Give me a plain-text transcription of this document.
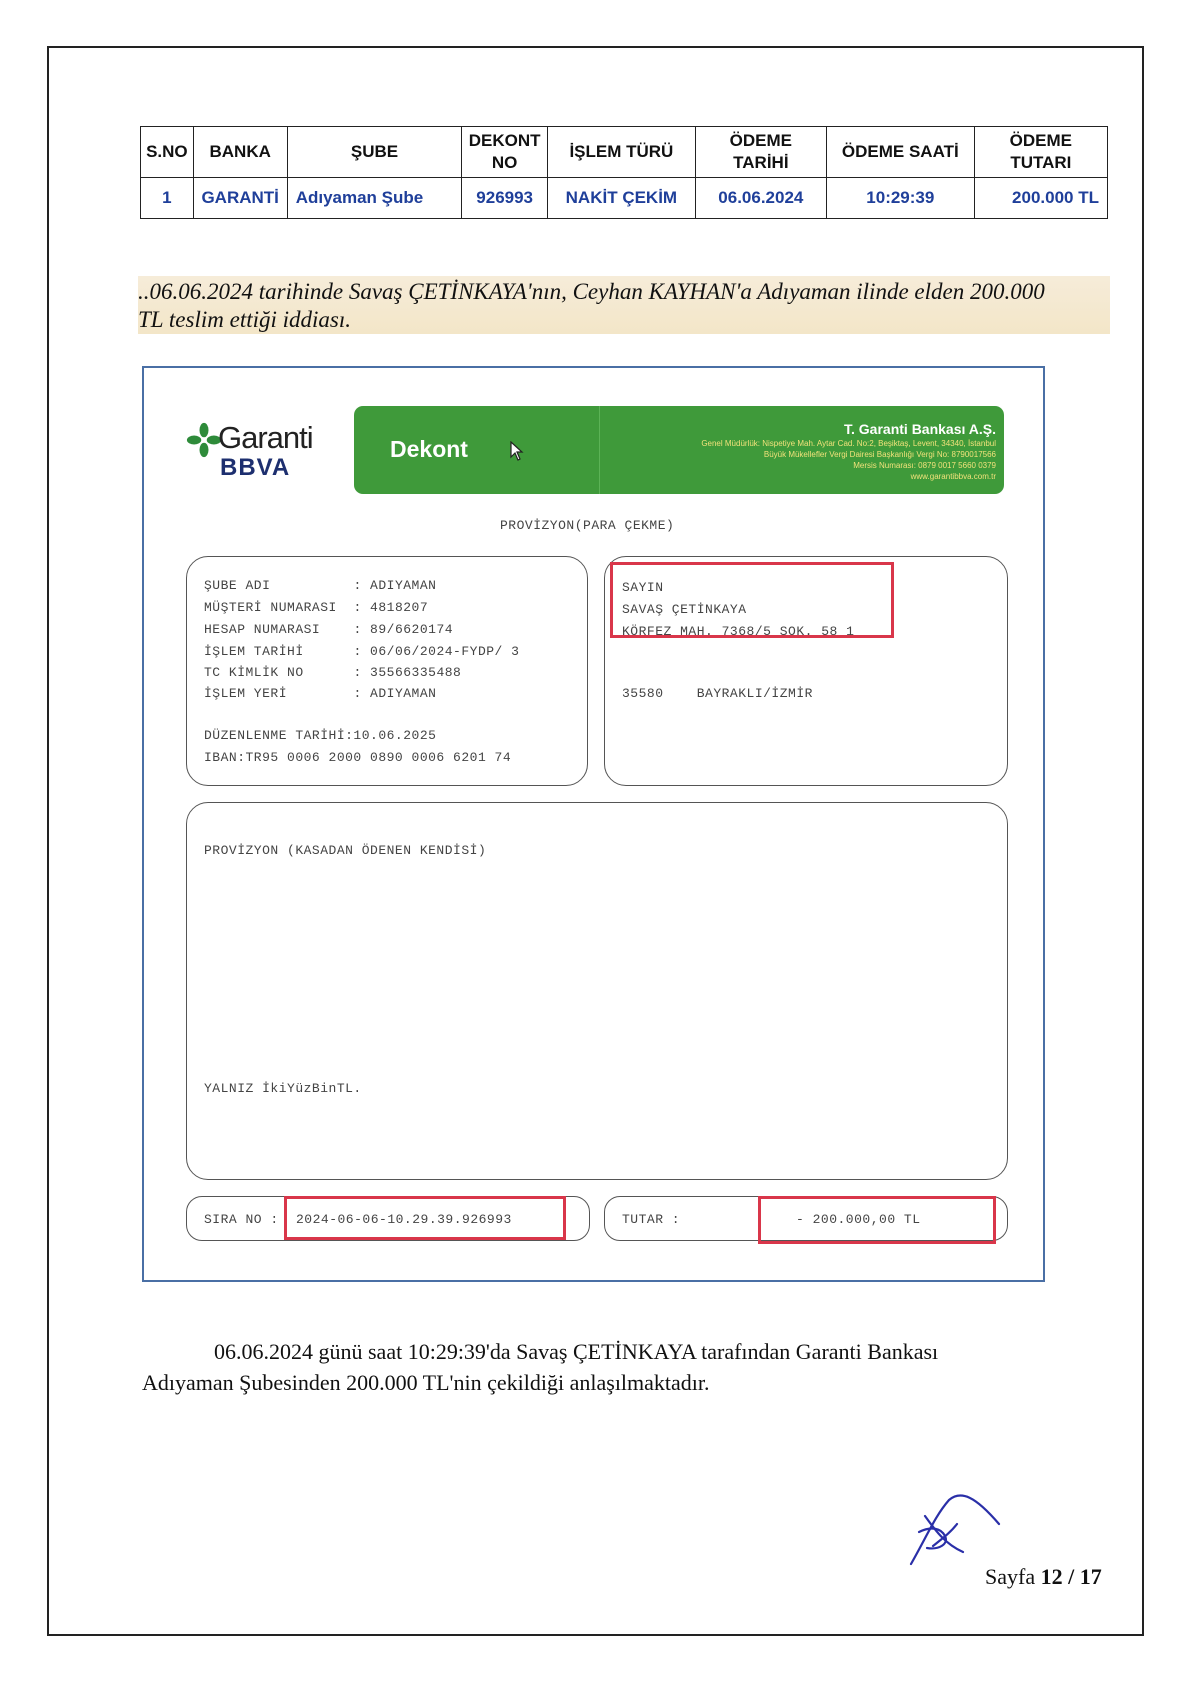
S.NO	BANKA	ŞUBE	DEKONT NO	İŞLEM TÜRÜ	ÖDEME TARİHİ	ÖDEME SAATİ	ÖDEME TUTARI
1	GARANTİ	Adıyaman Şube	926993	NAKİT ÇEKİM	06.06.2024	10:29:39	200.000 TL
..06.06.2024 tarihinde Savaş ÇETİNKAYA'nın, Ceyhan KAYHAN'a Adıyaman ilinde elden 200.000
TL teslim ettiği iddiası.
Garanti
BBVA
Dekont
T. Garanti Bankası A.Ş.
Genel Müdürlük: Nispetiye Mah. Aytar Cad. No:2, Beşiktaş, Levent, 34340, İstanbul
Büyük Mükellefler Vergi Dairesi Başkanlığı Vergi No: 8790017566
Mersis Numarası: 0879 0017 5660 0379
www.garantibbva.com.tr
PROVİZYON(PARA ÇEKME)
ŞUBE ADI          : ADIYAMAN
MÜŞTERİ NUMARASI  : 4818207
HESAP NUMARASI    : 89/6620174
İŞLEM TARİHİ      : 06/06/2024-FYDP/ 3
TC KİMLİK NO      : 35566335488
İŞLEM YERİ        : ADIYAMAN
DÜZENLENME TARİHİ:10.06.2025
IBAN:TR95 0006 2000 0890 0006 6201 74
SAYIN
SAVAŞ ÇETİNKAYA
KÖRFEZ MAH. 7368/5 SOK. 58 1
35580    BAYRAKLI/İZMİR
PROVİZYON (KASADAN ÖDENEN KENDİSİ)
YALNIZ İkiYüzBinTL.
SIRA NO : 2024-06-06-10.29.39.926993	TUTAR :	- 200.000,00 TL
06.06.2024 günü saat 10:29:39'da Savaş ÇETİNKAYA tarafından Garanti Bankası
Adıyaman Şubesinden 200.000 TL'nin çekildiği anlaşılmaktadır.
Sayfa 12 / 17
